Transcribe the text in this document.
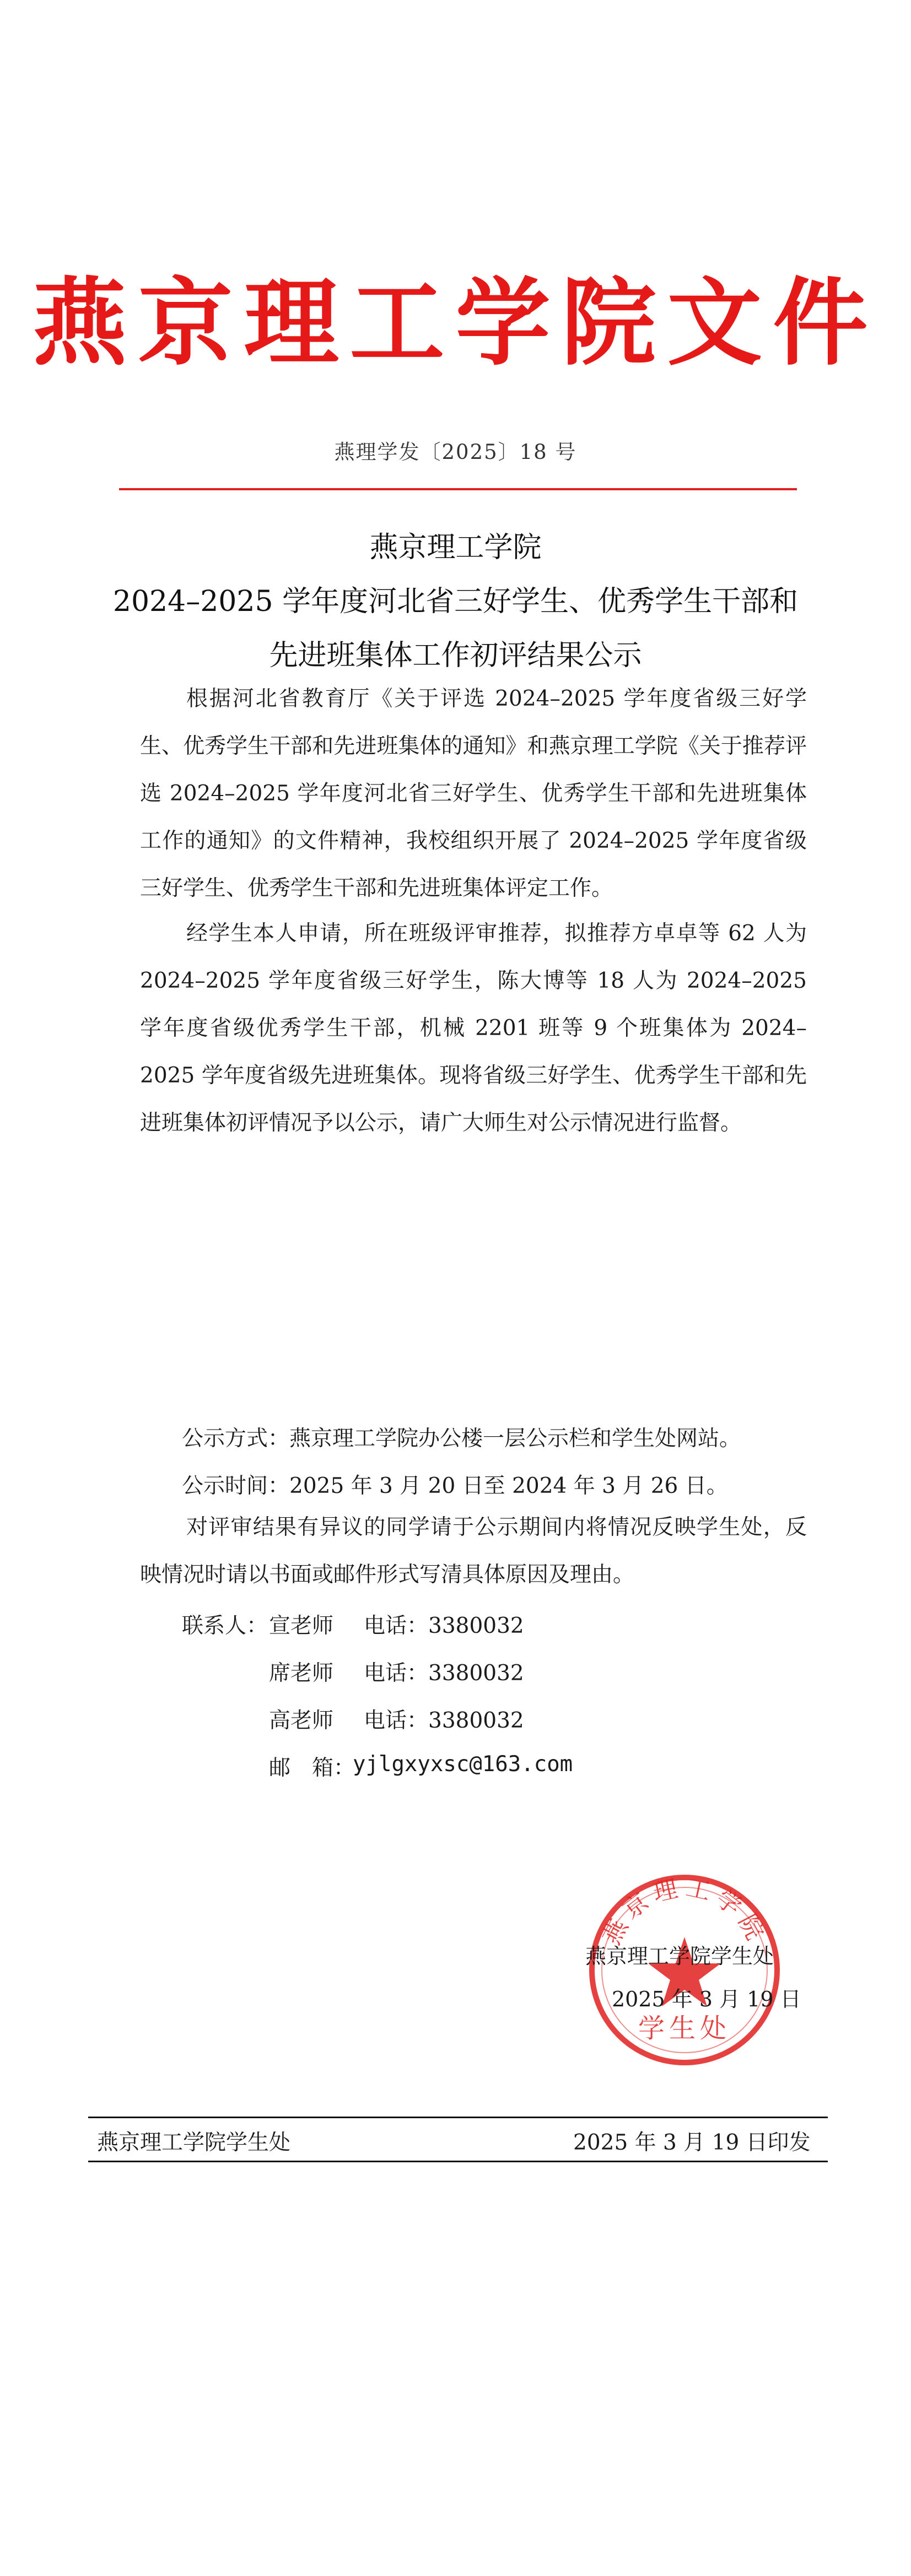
燕京理工学院文件
燕理学发〔2025〕18 号
燕京理工学院
2024–2025 学年度河北省三好学生、优秀学生干部和
先进班集体工作初评结果公示
根据河北省教育厅《关于评选 2024–2025 学年度省级三好学生、优秀学生干部和先进班集体的通知》和燕京理工学院《关于推荐评选 2024–2025 学年度河北省三好学生、优秀学生干部和先进班集体工作的通知》的文件精神，我校组织开展了 2024–2025 学年度省级三好学生、优秀学生干部和先进班集体评定工作。
经学生本人申请，所在班级评审推荐，拟推荐方卓卓等 62 人为 2024–2025 学年度省级三好学生，陈大博等 18 人为 2024–2025 学年度省级优秀学生干部，机械 2201 班等 9 个班集体为 2024–2025 学年度省级先进班集体。现将省级三好学生、优秀学生干部和先进班集体初评情况予以公示，请广大师生对公示情况进行监督。
公示方式：燕京理工学院办公楼一层公示栏和学生处网站。
公示时间：2025 年 3 月 20 日至 2024 年 3 月 26 日。
对评审结果有异议的同学请于公示期间内将情况反映学生处，反映情况时请以书面或邮件形式写清具体原因及理由。
联系人： 宣老师 电话：3380032
席老师 电话：3380032
高老师 电话：3380032
邮　箱：
yjlgxyxsc@163.com
燕京理工学院
学生处
燕京理工学院学生处
2025 年 3 月 19 日
燕京理工学院学生处	2025 年 3 月 19 日印发
